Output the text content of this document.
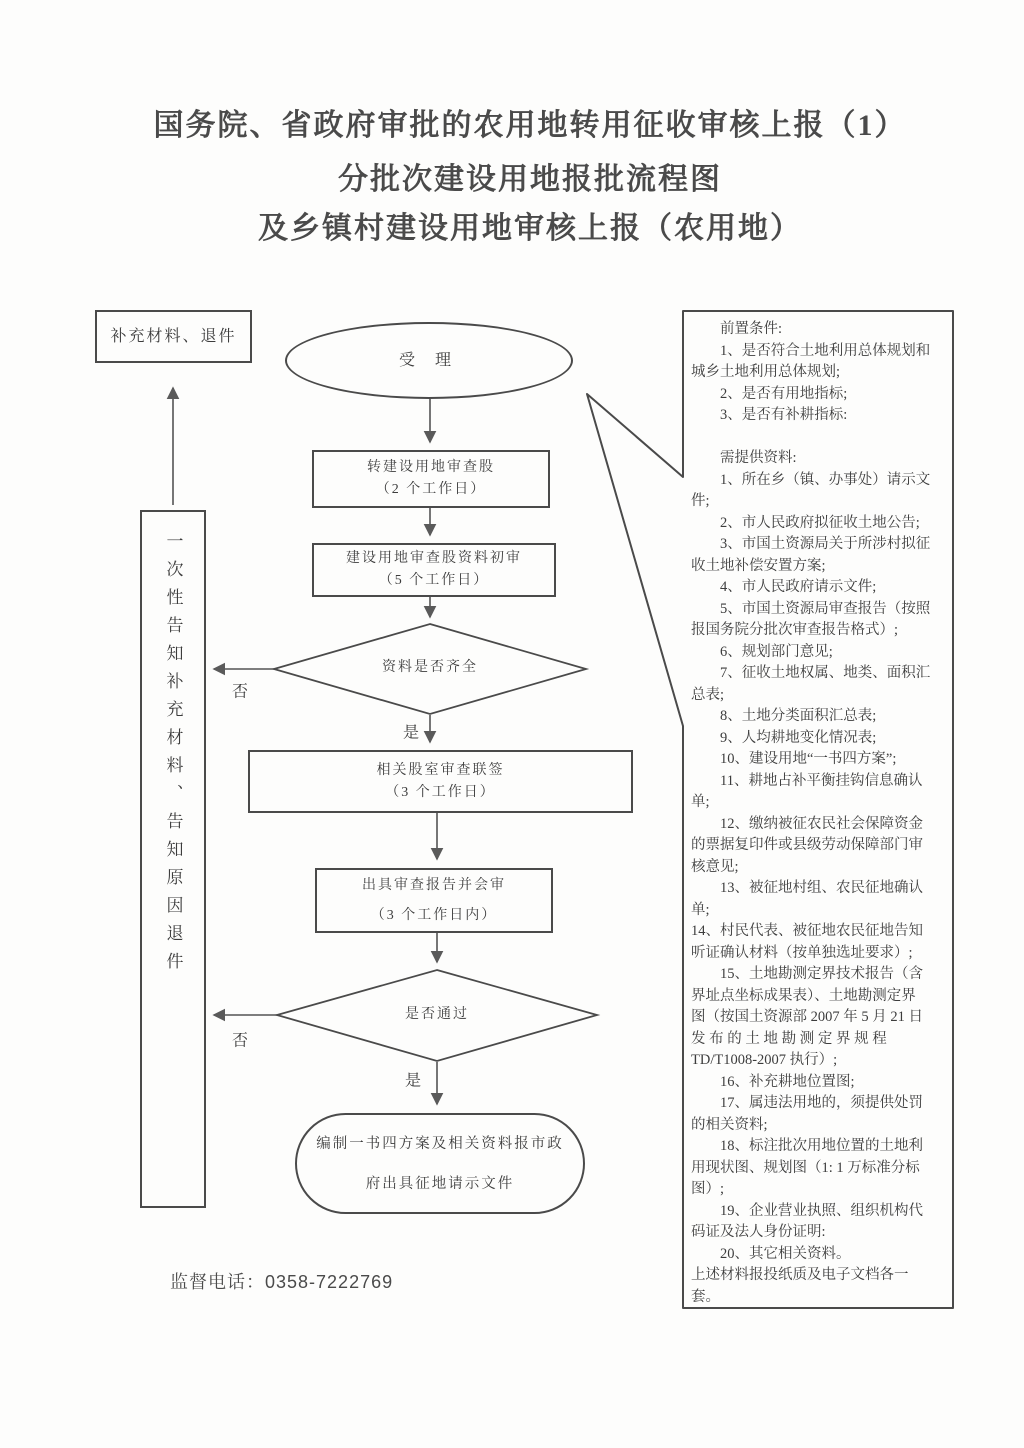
国务院、省政府审批的农用地转用征收审核上报（1）
分批次建设用地报批流程图
及乡镇村建设用地审核上报（农用地）
补充材料、退件
受 理
转建设用地审查股
（2 个工作日）
建设用地审查股资料初审
（5 个工作日）
资料是否齐全
相关股室审查联签
（3 个工作日）
出具审查报告并会审
（3 个工作日内）
是否通过
编制一书四方案及相关资料报市政
府出具征地请示文件
否
是
否
是
一次性告知补充材料、告知原因退件
前置条件:
1、是否符合土地利用总体规划和
城乡土地利用总体规划;
2、是否有用地指标;
3、是否有补耕指标:

需提供资料:
1、所在乡（镇、办事处）请示文
件;
2、市人民政府拟征收土地公告;
3、市国土资源局关于所涉村拟征
收土地补偿安置方案;
4、市人民政府请示文件;
5、市国土资源局审查报告（按照
报国务院分批次审查报告格式）;
6、规划部门意见;
7、征收土地权属、地类、面积汇
总表;
8、土地分类面积汇总表;
9、人均耕地变化情况表;
10、建设用地“一书四方案”;
11、耕地占补平衡挂钩信息确认
单;
12、缴纳被征农民社会保障资金
的票据复印件或县级劳动保障部门审
核意见;
13、被征地村组、农民征地确认
单;
14、村民代表、被征地农民征地告知
听证确认材料（按单独选址要求）;
15、土地勘测定界技术报告（含
界址点坐标成果表）、土地勘测定界
图（按国土资源部 2007 年 5 月 21 日
发 布 的 土 地 勘 测 定 界 规 程
TD/T1008-2007 执行）;
16、补充耕地位置图;
17、属违法用地的，须提供处罚
的相关资料;
18、标注批次用地位置的土地利
用现状图、规划图（1: 1 万标准分标
图）;
19、企业营业执照、组织机构代
码证及法人身份证明:
20、其它相关资料。
上述材料报投纸质及电子文档各一
套。
监督电话：0358-7222769
